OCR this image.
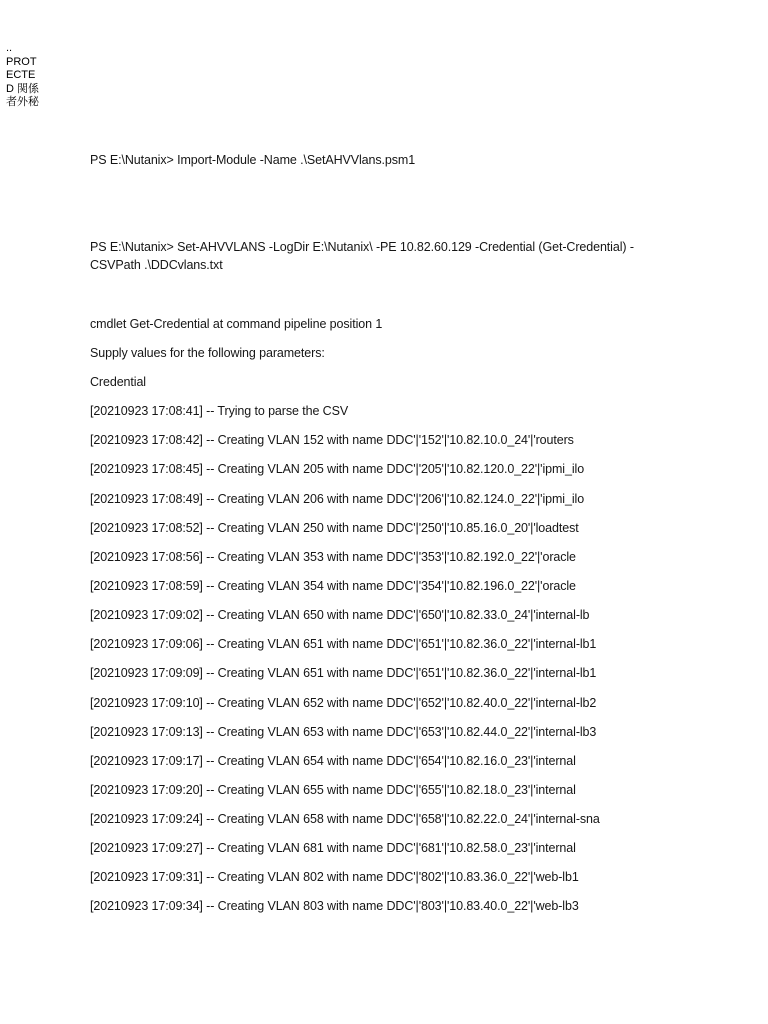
..
PROT
ECTE
D 関係
者外秘
PS E:\Nutanix> Import-Module -Name .\SetAHVVlans.psm1
PS E:\Nutanix> Set-AHVVLANS -LogDir E:\Nutanix\ -PE 10.82.60.129 -Credential (Get-Credential) - CSVPath .\DDCvlans.txt
cmdlet Get-Credential at command pipeline position 1
Supply values for the following parameters:
Credential
[20210923 17:08:41] -- Trying to parse the CSV
[20210923 17:08:42] -- Creating VLAN 152 with name DDC'|'152'|'10.82.10.0_24'|'routers
[20210923 17:08:45] -- Creating VLAN 205 with name DDC'|'205'|'10.82.120.0_22'|'ipmi_ilo
[20210923 17:08:49] -- Creating VLAN 206 with name DDC'|'206'|'10.82.124.0_22'|'ipmi_ilo
[20210923 17:08:52] -- Creating VLAN 250 with name DDC'|'250'|'10.85.16.0_20'|'loadtest
[20210923 17:08:56] -- Creating VLAN 353 with name DDC'|'353'|'10.82.192.0_22'|'oracle
[20210923 17:08:59] -- Creating VLAN 354 with name DDC'|'354'|'10.82.196.0_22'|'oracle
[20210923 17:09:02] -- Creating VLAN 650 with name DDC'|'650'|'10.82.33.0_24'|'internal-lb
[20210923 17:09:06] -- Creating VLAN 651 with name DDC'|'651'|'10.82.36.0_22'|'internal-lb1
[20210923 17:09:09] -- Creating VLAN 651 with name DDC'|'651'|'10.82.36.0_22'|'internal-lb1
[20210923 17:09:10] -- Creating VLAN 652 with name DDC'|'652'|'10.82.40.0_22'|'internal-lb2
[20210923 17:09:13] -- Creating VLAN 653 with name DDC'|'653'|'10.82.44.0_22'|'internal-lb3
[20210923 17:09:17] -- Creating VLAN 654 with name DDC'|'654'|'10.82.16.0_23'|'internal
[20210923 17:09:20] -- Creating VLAN 655 with name DDC'|'655'|'10.82.18.0_23'|'internal
[20210923 17:09:24] -- Creating VLAN 658 with name DDC'|'658'|'10.82.22.0_24'|'internal-sna
[20210923 17:09:27] -- Creating VLAN 681 with name DDC'|'681'|'10.82.58.0_23'|'internal
[20210923 17:09:31] -- Creating VLAN 802 with name DDC'|'802'|'10.83.36.0_22'|'web-lb1
[20210923 17:09:34] -- Creating VLAN 803 with name DDC'|'803'|'10.83.40.0_22'|'web-lb3
